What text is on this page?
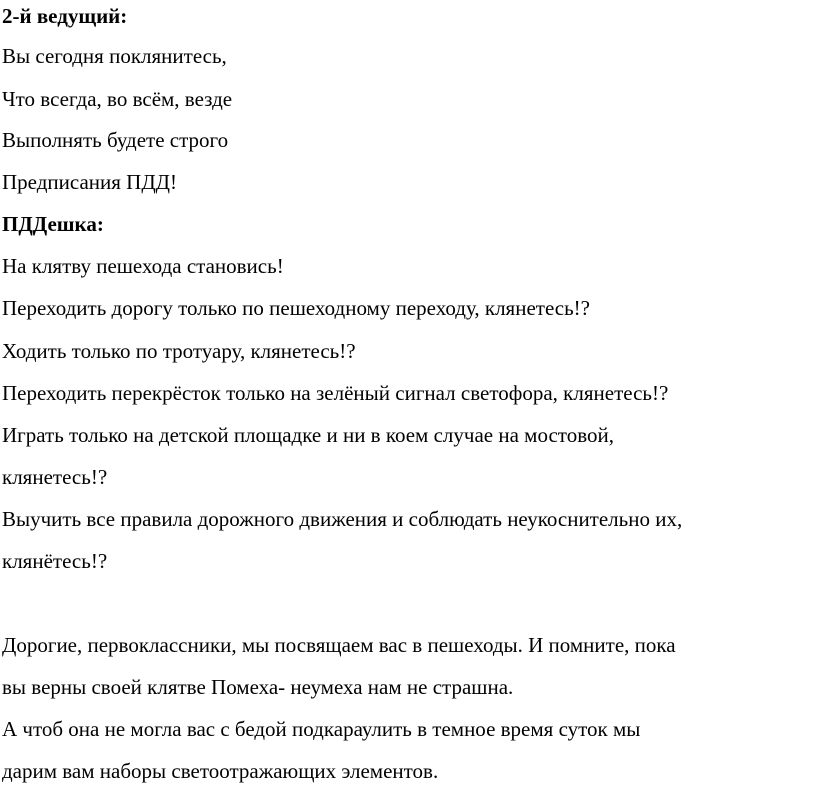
2-й ведущий:
Вы сегодня поклянитесь,
Что всегда, во всём, везде
Выполнять будете строго
Предписания ПДД!
ПДДешка:
На клятву пешехода становись!
Переходить дорогу только по пешеходному переходу, клянетесь!?
Ходить только по тротуару, клянетесь!?
Переходить перекрёсток только на зелёный сигнал светофора, клянетесь!?
Играть только на детской площадке и ни в коем случае на мостовой,
клянетесь!?
Выучить все правила дорожного движения и соблюдать неукоснительно их,
клянётесь!?
Дорогие, первоклассники, мы посвящаем вас в пешеходы. И помните, пока
вы верны своей клятве Помеха- неумеха нам не страшна.
А чтоб она не могла вас с бедой подкараулить в темное время суток мы
дарим вам наборы светоотражающих элементов.
